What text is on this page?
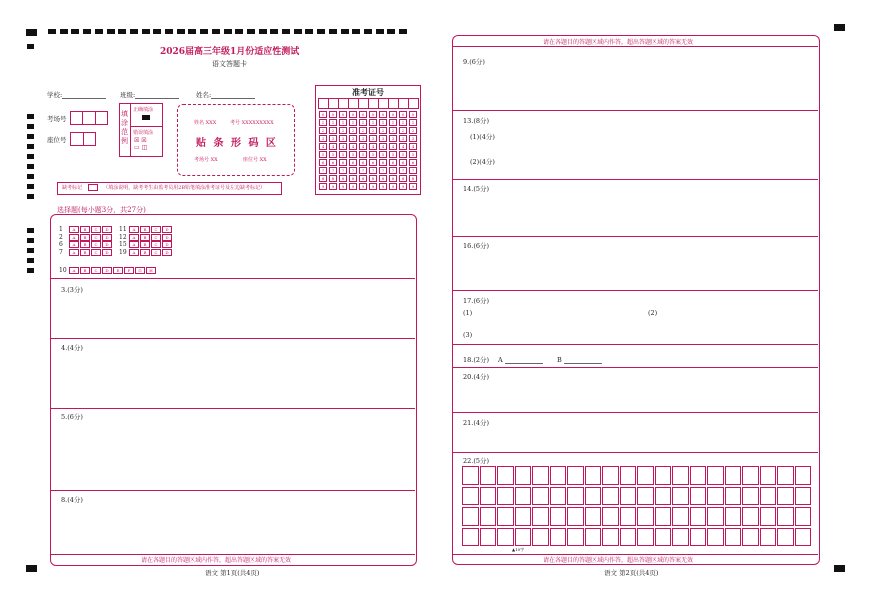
2026届高三年级1月份适应性测试
语文答题卡
学校:	班级:	姓名:
考场号
座位号
填涂范例
正确填涂
错误填涂
☒ ☒
▭ ◫
姓名 XXX	考号 XXXXXXXXX
贴 条 形 码 区
考场号 XX	座位号 XX
准考证号
0	0	0	0	0	0	0	0	0	0
1	1	1	1	1	1	1	1	1	1
2	2	2	2	2	2	2	2	2	2
3	3	3	3	3	3	3	3	3	3
4	4	4	4	4	4	4	4	4	4
5	5	5	5	5	5	5	5	5	5
6	6	6	6	6	6	6	6	6	6
7	7	7	7	7	7	7	7	7	7
8	8	8	8	8	8	8	8	8	8
9	9	9	9	9	9	9	9	9	9
缺考标记	（填涂说明，缺考考生由监考员用2B铅笔填涂准考证号及左边缺考标记）
选择题(每小题3分，共27分)
1 A B C D
2 A B C D
6 A B C D
7 A B C D
11 A B C D
12 A B C D
15 A B C D
19 A B C D
10 A B C D E F G H
3.(3分)
4.(4分)
5.(6分)
8.(4分)
请在各题目的答题区域内作答，超出答题区域的答案无效
语文 第1页(共4页)
请在各题目的答题区域内作答，超出答题区域的答案无效
9.(6分)
13.(8分)
(1)(4分)
(2)(4分)
14.(5分)
16.(6分)
17.(6分)
(1)	(2)
(3)
18.(2分) A	B
20.(4分)
21.(4分)
22.(5分)
▲10字
请在各题目的答题区域内作答，超出答题区域的答案无效
语文 第2页(共4页)
